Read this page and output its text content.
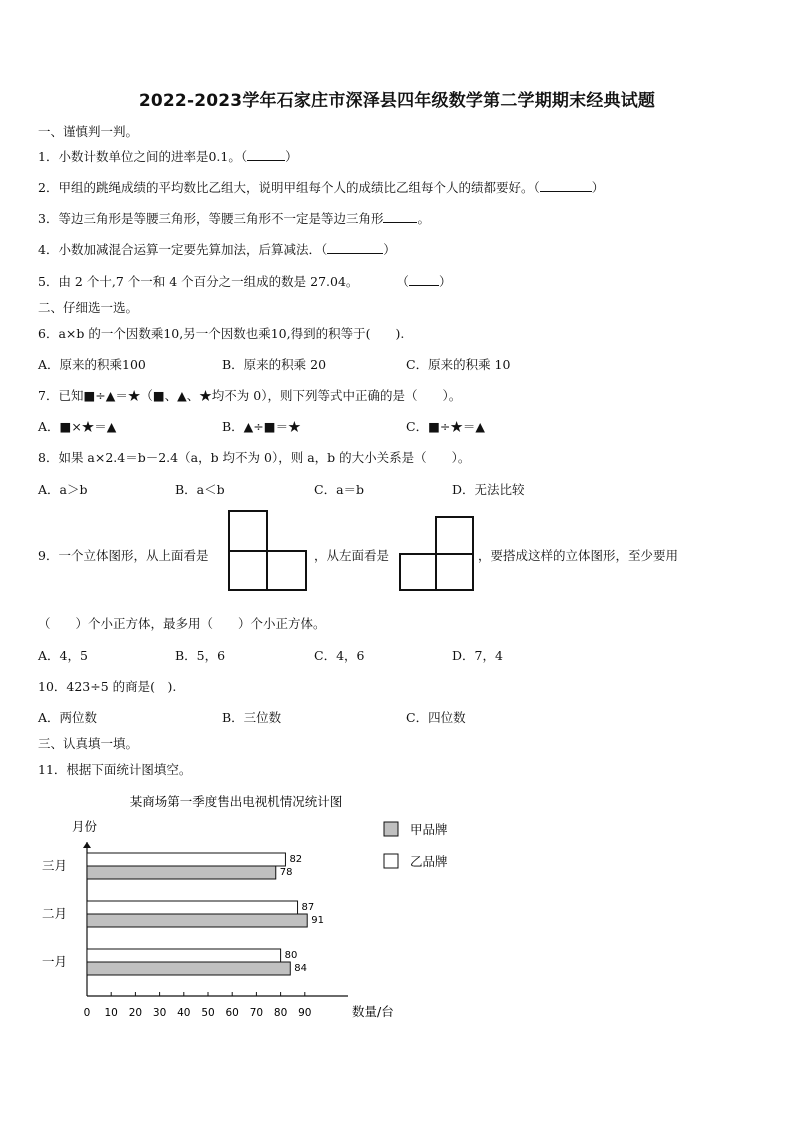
2022-2023学年石家庄市深泽县四年级数学第二学期期末经典试题
一、谨慎判一判。
1．小数计数单位之间的进率是0.1。（	）
2．甲组的跳绳成绩的平均数比乙组大，说明甲组每个人的成绩比乙组每个人的绩都要好。（	）
3．等边三角形是等腰三角形，等腰三角形不一定是等边三角形	。
4．小数加减混合运算一定要先算加法，后算减法．（	）
5．由 2 个十,7 个一和 4 个百分之一组成的数是 27.04。	（ ）
二、仔细选一选。
6．a×b 的一个因数乘10,另一个因数也乘10,得到的积等于(　　).
A．原来的积乘100	B．原来的积乘 20	C．原来的积乘 10
7．已知■÷▲＝★（■、▲、★均不为 0），则下列等式中正确的是（　　）。
A．■×★＝▲	B．▲÷■＝★	C．■÷★＝▲
8．如果 a×2.4＝b－2.4（a，b 均不为 0），则 a，b 的大小关系是（　　）。
A．a＞b	B．a＜b	C．a＝b	D．无法比较
9．一个立体图形，从上面看是	，从左面看是	，要搭成这样的立体图形，至少要用
（　　）个小正方体，最多用（　　）个小正方体。
A．4，5	B．5，6	C．4，6	D．7，4
10．423÷5 的商是(　).
A．两位数	B．三位数	C．四位数
三、认真填一填。
11．根据下面统计图填空。
某商场第一季度售出电视机情况统计图
月份
数量/台
0 10 20 30 40 50 60 70 80 90
三月	82
78
二月	87
91
一月	80
84
甲品牌
乙品牌
